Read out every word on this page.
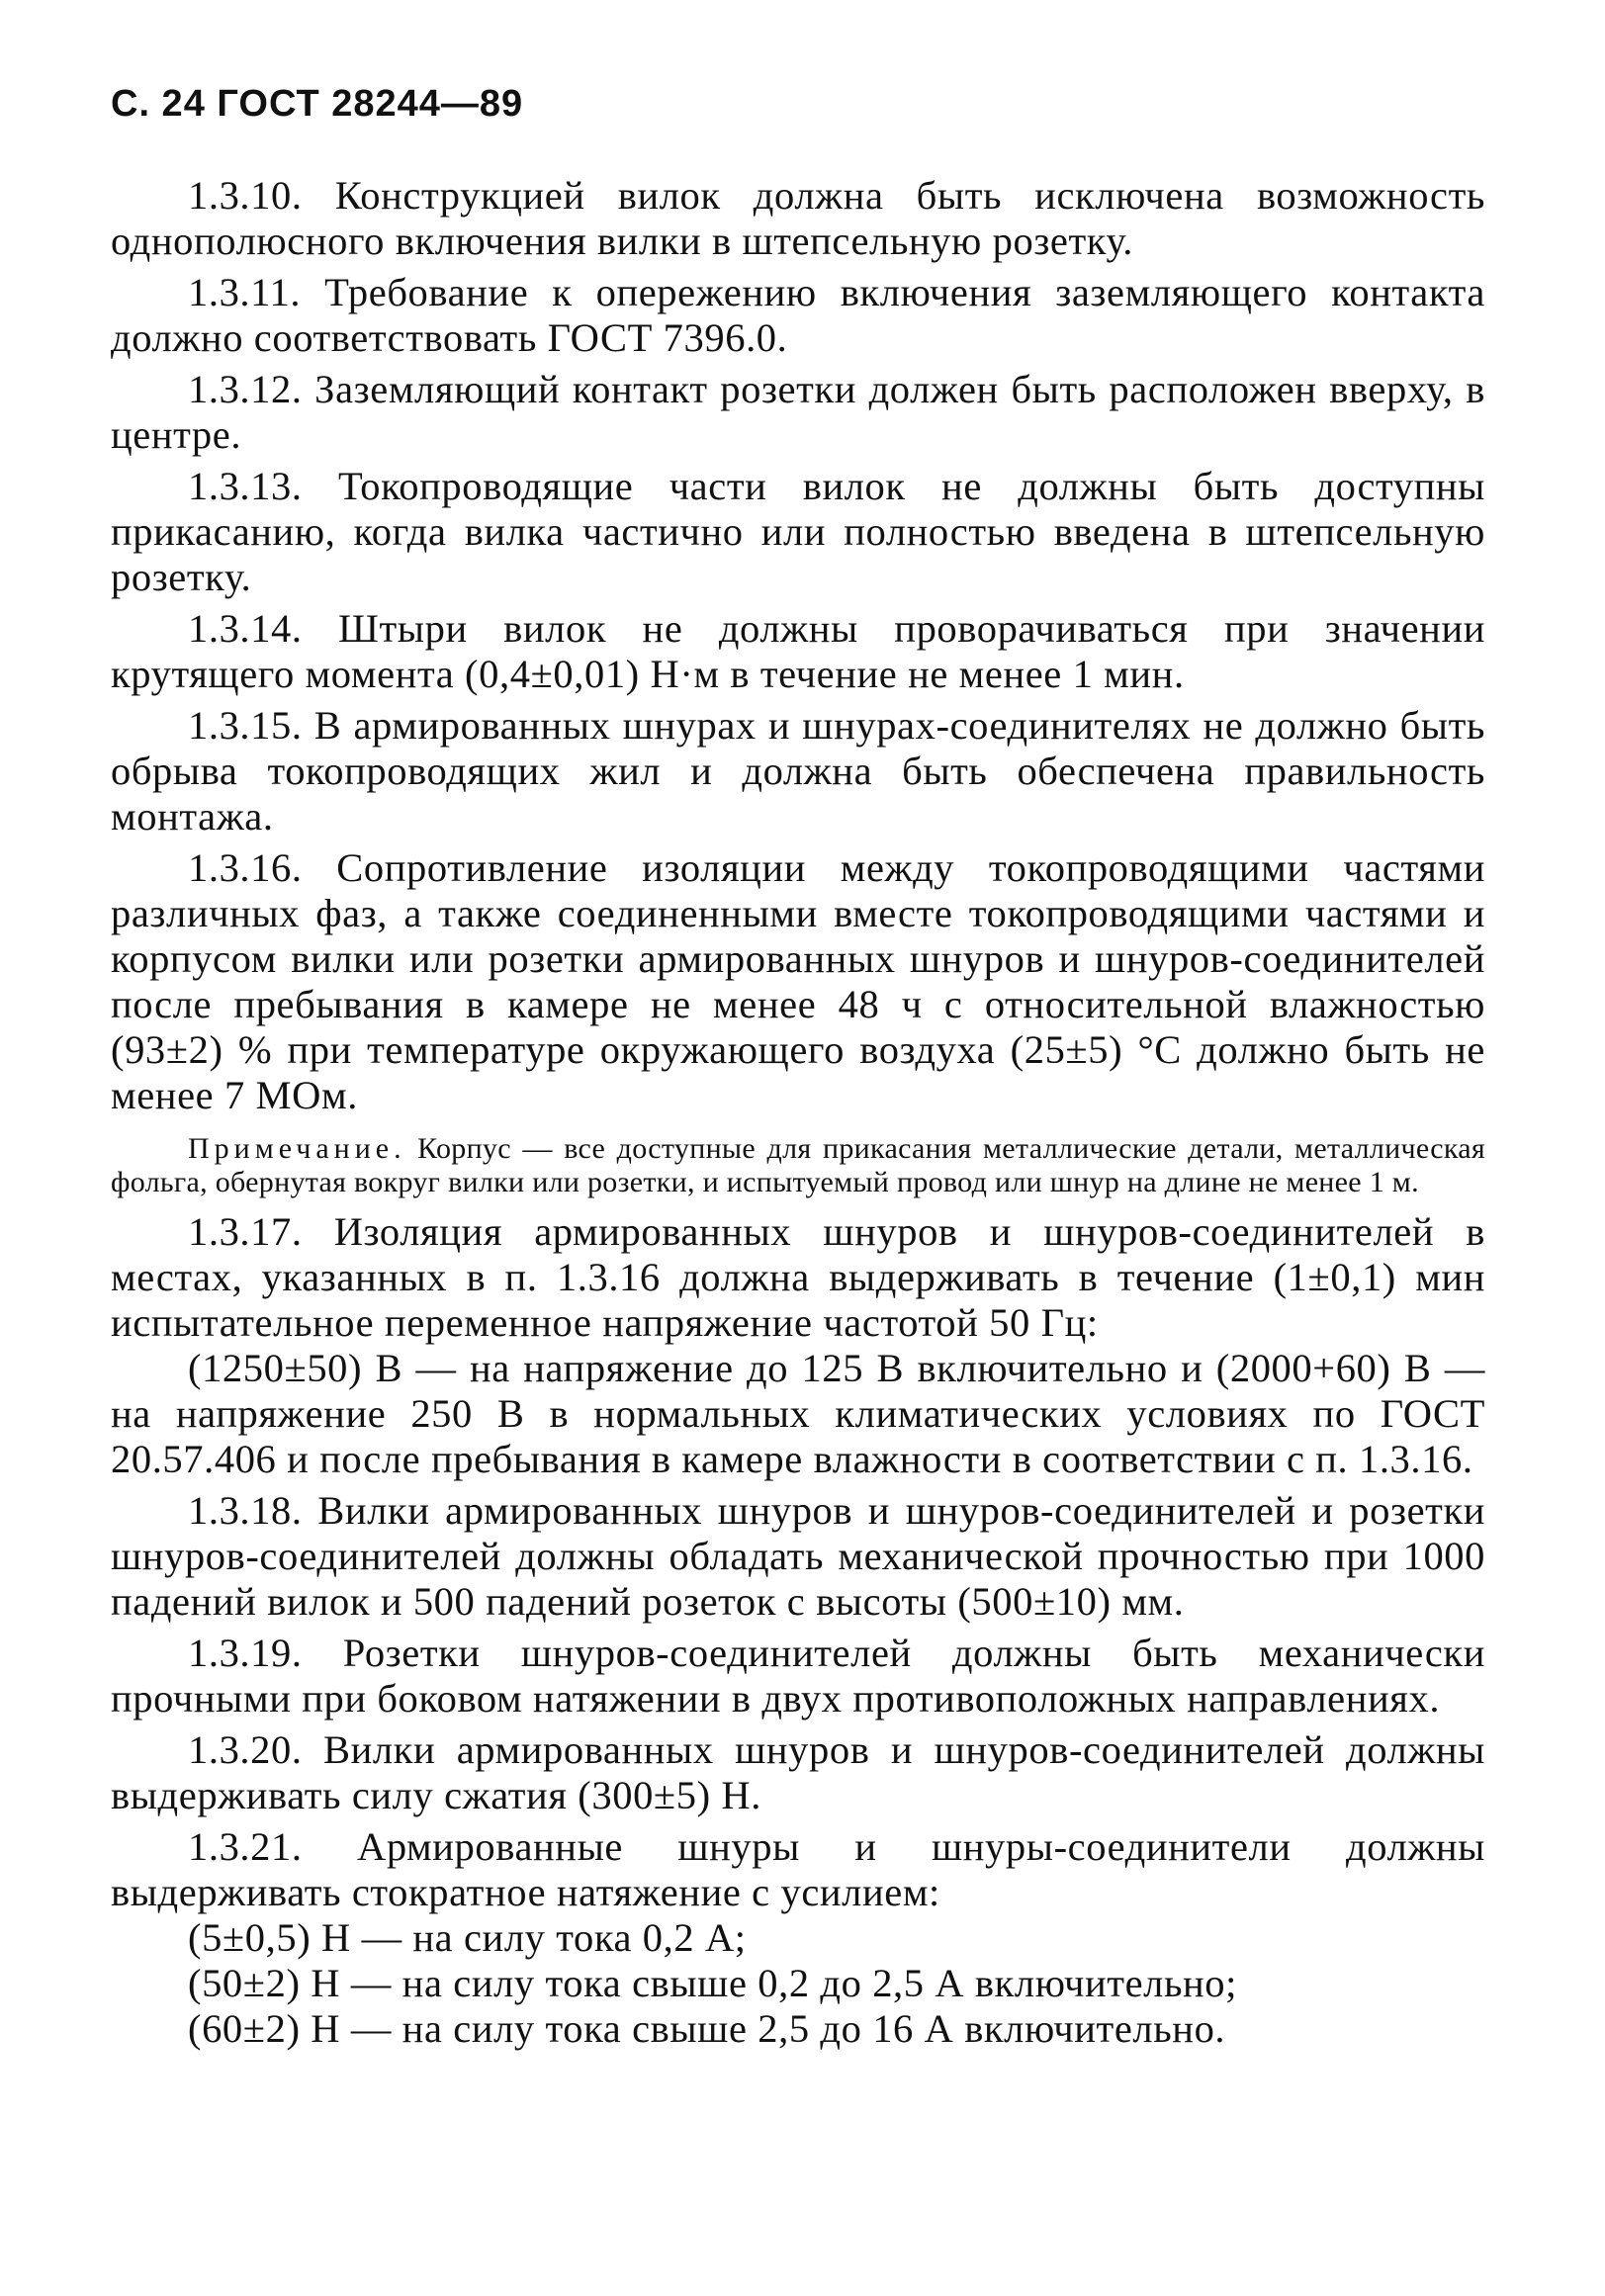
С. 24 ГОСТ 28244—89

1.3.10. Конструкцией вилок должна быть исключена возможность однополюсного включения вилки в штепсельную розетку.

1.3.11. Требование к опережению включения заземляющего контакта должно соответствовать ГОСТ 7396.0.

1.3.12. Заземляющий контакт розетки должен быть расположен вверху, в центре.

1.3.13. Токопроводящие части вилок не должны быть доступны прикасанию, когда вилка частично или полностью введена в штепсельную розетку.

1.3.14. Штыри вилок не должны проворачиваться при значении крутящего момента (0,4±0,01) Н·м в течение не менее 1 мин.

1.3.15. В армированных шнурах и шнурах-соединителях не должно быть обрыва токопроводящих жил и должна быть обеспечена правильность монтажа.

1.3.16. Сопротивление изоляции между токопроводящими частями различных фаз, а также соединенными вместе токопроводящими частями и корпусом вилки или розетки армированных шнуров и шнуров-соединителей после пребывания в камере не менее 48 ч с относительной влажностью (93±2) % при температуре окружающего воздуха (25±5) °С должно быть не менее 7 МОм.

Примечание. Корпус — все доступные для прикасания металлические детали, металлическая фольга, обернутая вокруг вилки или розетки, и испытуемый провод или шнур на длине не менее 1 м.

1.3.17. Изоляция армированных шнуров и шнуров-соединителей в местах, указанных в п. 1.3.16 должна выдерживать в течение (1±0,1) мин испытательное переменное напряжение частотой 50 Гц:

(1250±50) В — на напряжение до 125 В включительно и (2000+60) В — на напряжение 250 В в нормальных климатических условиях по ГОСТ 20.57.406 и после пребывания в камере влажности в соответствии с п. 1.3.16.

1.3.18. Вилки армированных шнуров и шнуров-соединителей и розетки шнуров-соединителей должны обладать механической прочностью при 1000 падений вилок и 500 падений розеток с высоты (500±10) мм.

1.3.19. Розетки шнуров-соединителей должны быть механически прочными при боковом натяжении в двух противоположных направлениях.

1.3.20. Вилки армированных шнуров и шнуров-соединителей должны выдерживать силу сжатия (300±5) Н.

1.3.21. Армированные шнуры и шнуры-соединители должны выдерживать стократное натяжение с усилием:

(5±0,5) Н — на силу тока 0,2 А;

(50±2) Н — на силу тока свыше 0,2 до 2,5 А включительно;

(60±2) Н — на силу тока свыше 2,5 до 16 А включительно.
